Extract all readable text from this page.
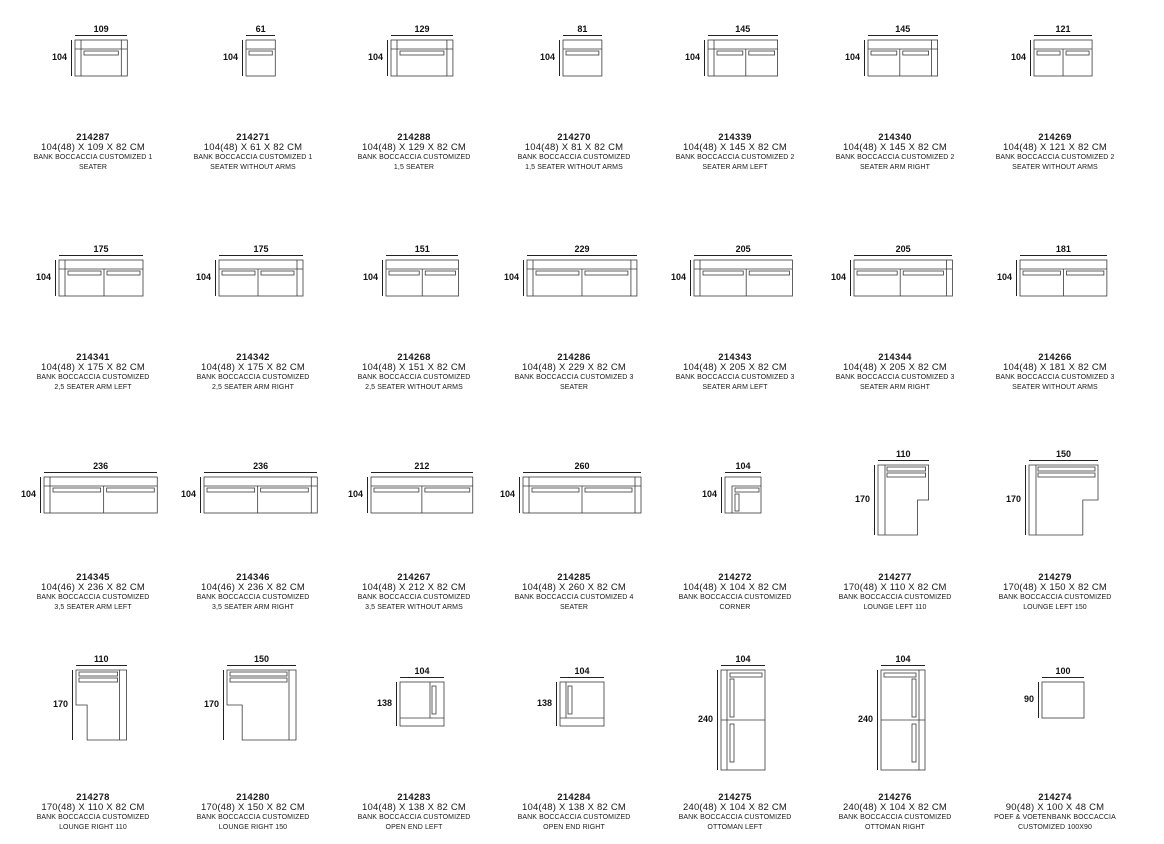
109
104
214287
104(48) X 109 X 82 CM
BANK BOCCACCIA CUSTOMIZED 1
SEATER
61
104
214271
104(48) X 61 X 82 CM
BANK BOCCACCIA CUSTOMIZED 1
SEATER WITHOUT ARMS
129
104
214288
104(48) X 129 X 82 CM
BANK BOCCACCIA CUSTOMIZED
1,5 SEATER
81
104
214270
104(48) X 81 X 82 CM
BANK BOCCACCIA CUSTOMIZED
1,5 SEATER WITHOUT ARMS
145
104
214339
104(48) X 145 X 82 CM
BANK BOCCACCIA CUSTOMIZED 2
SEATER ARM LEFT
145
104
214340
104(48) X 145 X 82 CM
BANK BOCCACCIA CUSTOMIZED 2
SEATER ARM RIGHT
121
104
214269
104(48) X 121 X 82 CM
BANK BOCCACCIA CUSTOMIZED 2
SEATER WITHOUT ARMS
175
104
214341
104(48) X 175 X 82 CM
BANK BOCCACCIA CUSTOMIZED
2,5 SEATER ARM LEFT
175
104
214342
104(48) X 175 X 82 CM
BANK BOCCACCIA CUSTOMIZED
2,5 SEATER ARM RIGHT
151
104
214268
104(48) X 151 X 82 CM
BANK BOCCACCIA CUSTOMIZED
2,5 SEATER WITHOUT ARMS
229
104
214286
104(48) X 229 X 82 CM
BANK BOCCACCIA CUSTOMIZED 3
SEATER
205
104
214343
104(48) X 205 X 82 CM
BANK BOCCACCIA CUSTOMIZED 3
SEATER ARM LEFT
205
104
214344
104(48) X 205 X 82 CM
BANK BOCCACCIA CUSTOMIZED 3
SEATER ARM RIGHT
181
104
214266
104(48) X 181 X 82 CM
BANK BOCCACCIA CUSTOMIZED 3
SEATER WITHOUT ARMS
236
104
214345
104(46) X 236 X 82 CM
BANK BOCCACCIA CUSTOMIZED
3,5 SEATER ARM LEFT
236
104
214346
104(46) X 236 X 82 CM
BANK BOCCACCIA CUSTOMIZED
3,5 SEATER ARM RIGHT
212
104
214267
104(48) X 212 X 82 CM
BANK BOCCACCIA CUSTOMIZED
3,5 SEATER WITHOUT ARMS
260
104
214285
104(48) X 260 X 82 CM
BANK BOCCACCIA CUSTOMIZED 4
SEATER
104
104
214272
104(48) X 104 X 82 CM
BANK BOCCACCIA CUSTOMIZED
CORNER
110
170
214277
170(48) X 110 X 82 CM
BANK BOCCACCIA CUSTOMIZED
LOUNGE LEFT 110
150
170
214279
170(48) X 150 X 82 CM
BANK BOCCACCIA CUSTOMIZED
LOUNGE LEFT 150
110
170
214278
170(48) X 110 X 82 CM
BANK BOCCACCIA CUSTOMIZED
LOUNGE RIGHT 110
150
170
214280
170(48) X 150 X 82 CM
BANK BOCCACCIA CUSTOMIZED
LOUNGE RIGHT 150
104
138
214283
104(48) X 138 X 82 CM
BANK BOCCACCIA CUSTOMIZED
OPEN END LEFT
104
138
214284
104(48) X 138 X 82 CM
BANK BOCCACCIA CUSTOMIZED
OPEN END RIGHT
104
240
214275
240(48) X 104 X 82 CM
BANK BOCCACCIA CUSTOMIZED
OTTOMAN LEFT
104
240
214276
240(48) X 104 X 82 CM
BANK BOCCACCIA CUSTOMIZED
OTTOMAN RIGHT
100
90
214274
90(48) X 100 X 48 CM
POEF & VOETENBANK BOCCACCIA
CUSTOMIZED 100X90
